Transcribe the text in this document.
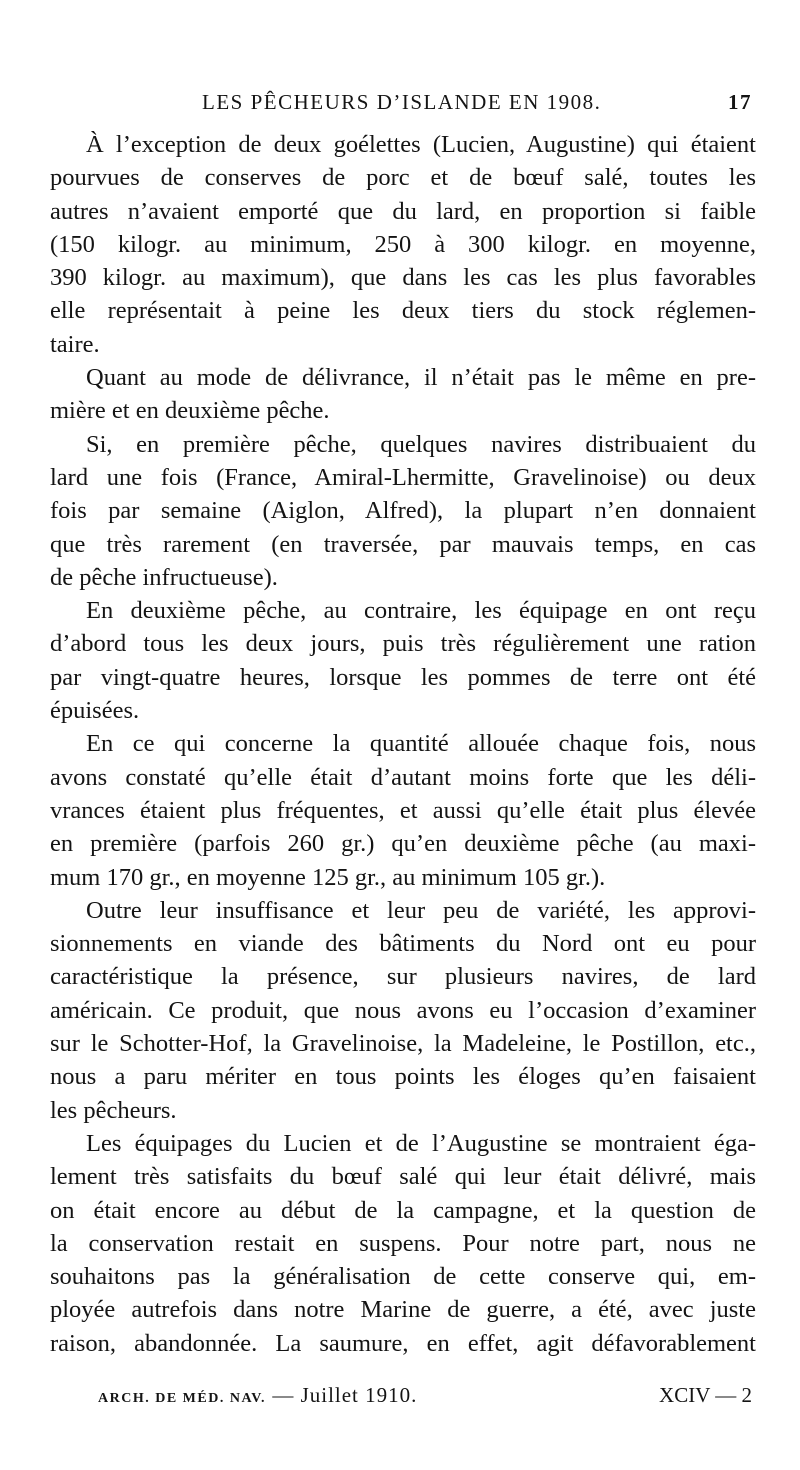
LES PÊCHEURS D’ISLANDE EN 1908.	17
À l’exception de deux goélettes (Lucien, Augustine) qui étaient
pourvues de conserves de porc et de bœuf salé, toutes les
autres n’avaient emporté que du lard, en proportion si faible
(150 kilogr. au minimum, 250 à 300 kilogr. en moyenne,
390 kilogr. au maximum), que dans les cas les plus favorables
elle représentait à peine les deux tiers du stock réglemen-
taire.
Quant au mode de délivrance, il n’était pas le même en pre-
mière et en deuxième pêche.
Si, en première pêche, quelques navires distribuaient du
lard une fois (France, Amiral-Lhermitte, Gravelinoise) ou deux
fois par semaine (Aiglon, Alfred), la plupart n’en donnaient
que très rarement (en traversée, par mauvais temps, en cas
de pêche infructueuse).
En deuxième pêche, au contraire, les équipage en ont reçu
d’abord tous les deux jours, puis très régulièrement une ration
par vingt-quatre heures, lorsque les pommes de terre ont été
épuisées.
En ce qui concerne la quantité allouée chaque fois, nous
avons constaté qu’elle était d’autant moins forte que les déli-
vrances étaient plus fréquentes, et aussi qu’elle était plus élevée
en première (parfois 260 gr.) qu’en deuxième pêche (au maxi-
mum 170 gr., en moyenne 125 gr., au minimum 105 gr.).
Outre leur insuffisance et leur peu de variété, les approvi-
sionnements en viande des bâtiments du Nord ont eu pour
caractéristique la présence, sur plusieurs navires, de lard
américain. Ce produit, que nous avons eu l’occasion d’examiner
sur le Schotter-Hof, la Gravelinoise, la Madeleine, le Postillon, etc.,
nous a paru mériter en tous points les éloges qu’en faisaient
les pêcheurs.
Les équipages du Lucien et de l’Augustine se montraient éga-
lement très satisfaits du bœuf salé qui leur était délivré, mais
on était encore au début de la campagne, et la question de
la conservation restait en suspens. Pour notre part, nous ne
souhaitons pas la généralisation de cette conserve qui, em-
ployée autrefois dans notre Marine de guerre, a été, avec juste
raison, abandonnée. La saumure, en effet, agit défavorablement
ARCH. DE MÉD. NAV. — Juillet 1910.	XCIV — 2
